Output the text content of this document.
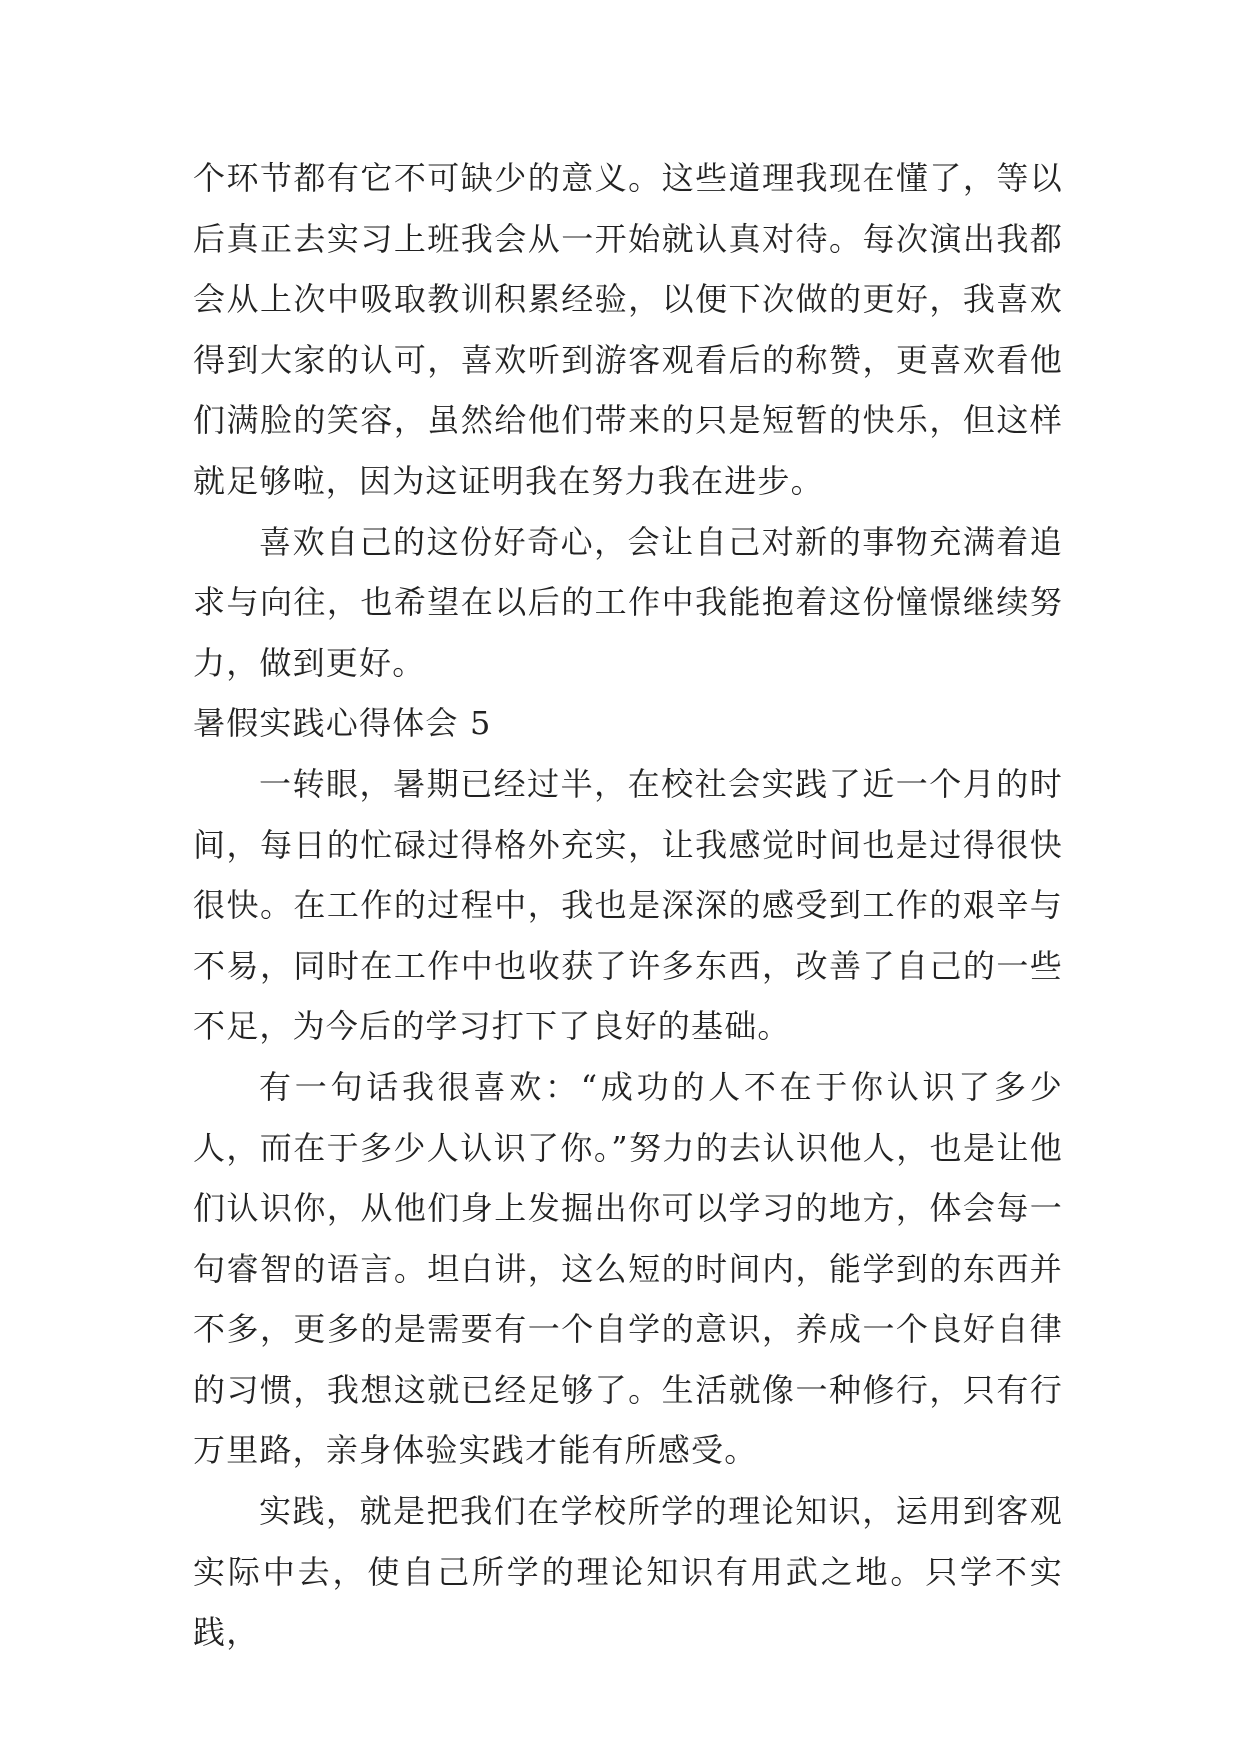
个环节都有它不可缺少的意义。这些道理我现在懂了，等以后真正去实习上班我会从一开始就认真对待。每次演出我都会从上次中吸取教训积累经验，以便下次做的更好，我喜欢得到大家的认可，喜欢听到游客观看后的称赞，更喜欢看他们满脸的笑容，虽然给他们带来的只是短暂的快乐，但这样就足够啦，因为这证明我在努力我在进步。

喜欢自己的这份好奇心，会让自己对新的事物充满着追求与向往，也希望在以后的工作中我能抱着这份憧憬继续努力，做到更好。

暑假实践心得体会 5

一转眼，暑期已经过半，在校社会实践了近一个月的时间，每日的忙碌过得格外充实，让我感觉时间也是过得很快很快。在工作的过程中，我也是深深的感受到工作的艰辛与不易，同时在工作中也收获了许多东西，改善了自己的一些不足，为今后的学习打下了良好的基础。

有一句话我很喜欢：“成功的人不在于你认识了多少人，而在于多少人认识了你。”努力的去认识他人，也是让他们认识你，从他们身上发掘出你可以学习的地方，体会每一句睿智的语言。坦白讲，这么短的时间内，能学到的东西并不多，更多的是需要有一个自学的意识，养成一个良好自律的习惯，我想这就已经足够了。生活就像一种修行，只有行万里路，亲身体验实践才能有所感受。

实践，就是把我们在学校所学的理论知识，运用到客观实际中去，使自己所学的理论知识有用武之地。只学不实践，
